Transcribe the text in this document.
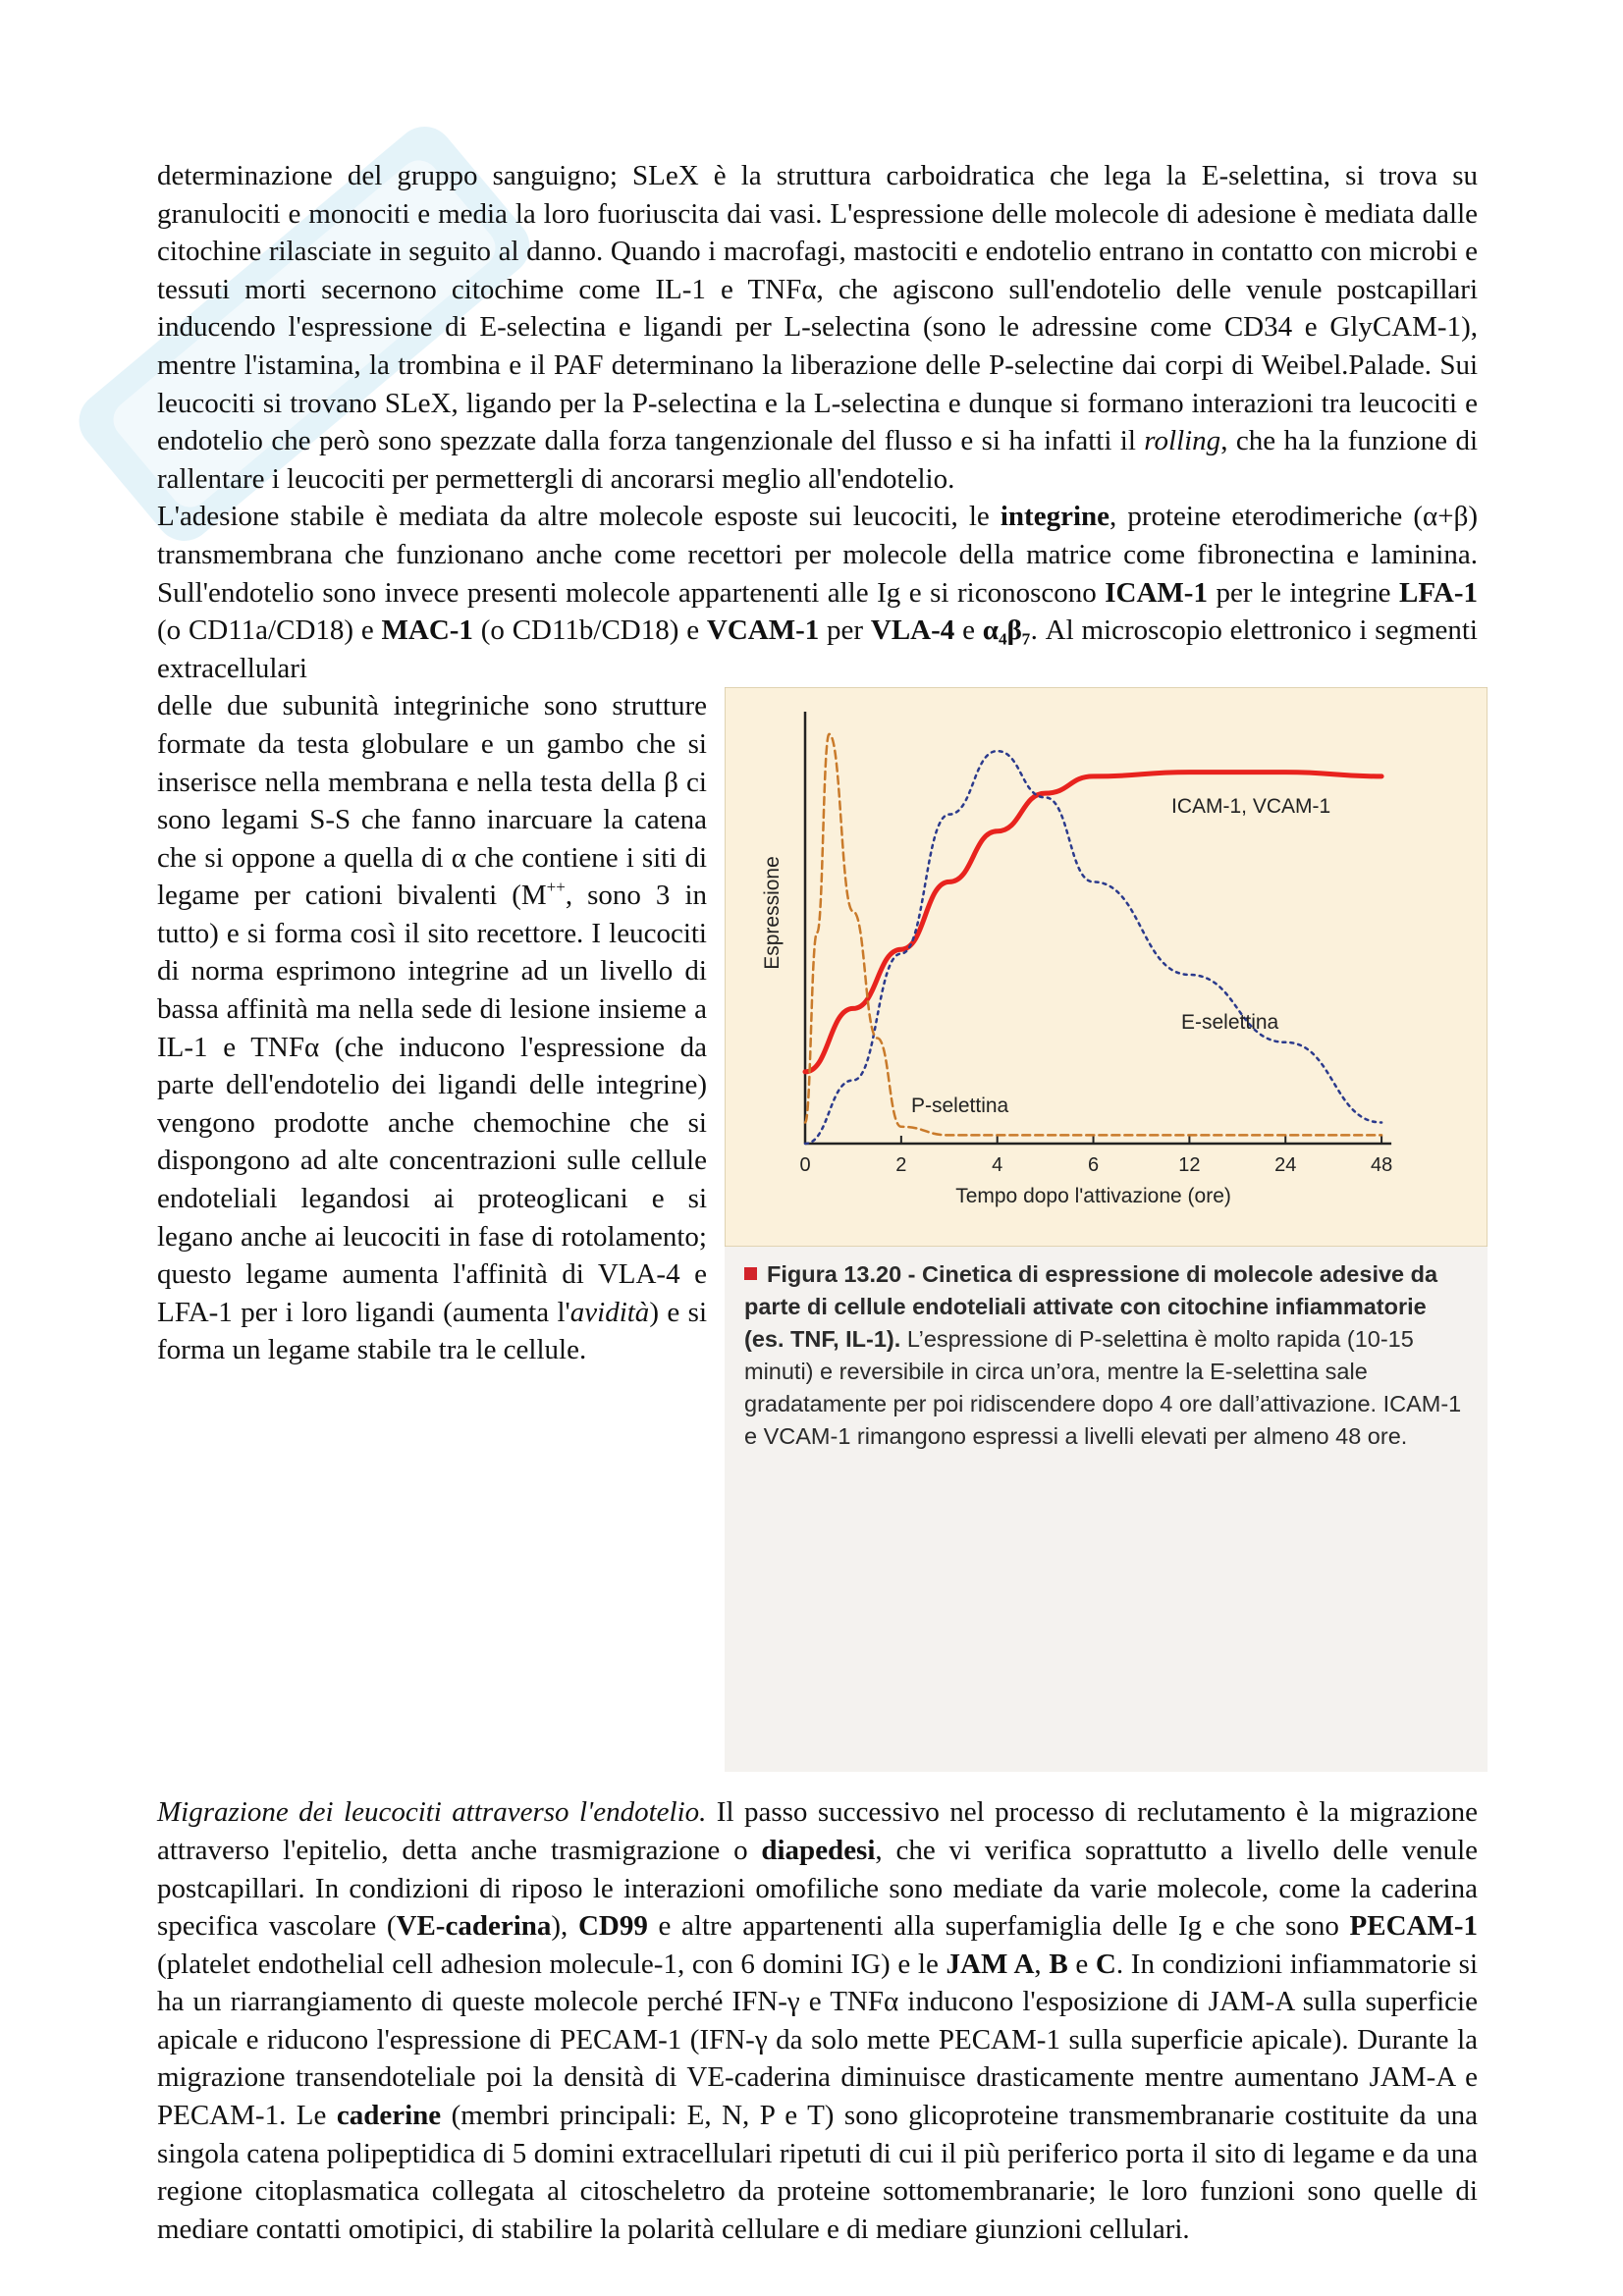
determinazione del gruppo sanguigno; SLeX è la struttura carboidratica che lega la E-selettina, si trova su granulociti e monociti e media la loro fuoriuscita dai vasi. L'espressione delle molecole di adesione è mediata dalle citochine rilasciate in seguito al danno. Quando i macrofagi, mastociti e endotelio entrano in contatto con microbi e tessuti morti secernono citochime come IL-1 e TNFα, che agiscono sull'endotelio delle venule postcapillari inducendo l'espressione di E-selectina e ligandi per L-selectina (sono le adressine come CD34 e GlyCAM-1), mentre l'istamina, la trombina e il PAF determinano la liberazione delle P-selectine dai corpi di Weibel.Palade. Sui leucociti si trovano SLeX, ligando per la P-selectina e la L-selectina e dunque si formano interazioni tra leucociti e endotelio che però sono spezzate dalla forza tangenzionale del flusso e si ha infatti il rolling, che ha la funzione di rallentare i leucociti per permettergli di ancorarsi meglio all'endotelio.

L'adesione stabile è mediata da altre molecole esposte sui leucociti, le integrine, proteine eterodimeriche (α+β) transmembrana che funzionano anche come recettori per molecole della matrice come fibronectina e laminina. Sull'endotelio sono invece presenti molecole appartenenti alle Ig e si riconoscono ICAM-1 per le integrine LFA-1 (o CD11a/CD18) e MAC-1 (o CD11b/CD18) e VCAM-1 per VLA-4 e α₄β₇. Al microscopio elettronico i segmenti extracellulari

0	2	4	6	12	24	48
Tempo dopo l'attivazione (ore)
Espressione
ICAM-1, VCAM-1
E-selettina
P-selettina
Figura 13.20 - Cinetica di espressione di molecole adesive da parte di cellule endoteliali attivate con citochine infiammatorie (es. TNF, IL-1). L’espressione di P-selettina è molto rapida (10-15 minuti) e reversibile in circa un’ora, mentre la E-selettina sale gradatamente per poi ridiscendere dopo 4 ore dall’attivazione. ICAM-1 e VCAM-1 rimangono espressi a livelli elevati per almeno 48 ore.

delle due subunità integriniche sono strutture formate da testa globulare e un gambo che si inserisce nella membrana e nella testa della β ci sono legami S-S che fanno inarcuare la catena che si oppone a quella di α che contiene i siti di legame per cationi bivalenti (M++, sono 3 in tutto) e si forma così il sito recettore. I leucociti di norma esprimono integrine ad un livello di bassa affinità ma nella sede di lesione insieme a IL-1 e TNFα (che inducono l'espressione da parte dell'endotelio dei ligandi delle integrine) vengono prodotte anche chemochine che si dispongono ad alte concentrazioni sulle cellule endoteliali legandosi ai proteoglicani e si legano anche ai leucociti in fase di rotolamento; questo legame aumenta l'affinità di VLA-4 e LFA-1 per i loro ligandi (aumenta l'avidità) e si forma un legame stabile tra le cellule.

Migrazione dei leucociti attraverso l'endotelio. Il passo successivo nel processo di reclutamento è la migrazione attraverso l'epitelio, detta anche trasmigrazione o diapedesi, che vi verifica soprattutto a livello delle venule postcapillari. In condizioni di riposo le interazioni omofiliche sono mediate da varie molecole, come la caderina specifica vascolare (VE-caderina), CD99 e altre appartenenti alla superfamiglia delle Ig e che sono PECAM-1 (platelet endothelial cell adhesion molecule-1, con 6 domini IG) e le JAM A, B e C. In condizioni infiammatorie si ha un riarrangiamento di queste molecole perché IFN-γ e TNFα inducono l'esposizione di JAM-A sulla superficie apicale e riducono l'espressione di PECAM-1 (IFN-γ da solo mette PECAM-1 sulla superficie apicale). Durante la migrazione transendoteliale poi la densità di VE-caderina diminuisce drasticamente mentre aumentano JAM-A e PECAM-1. Le caderine (membri principali: E, N, P e T) sono glicoproteine transmembranarie costituite da una singola catena polipeptidica di 5 domini extracellulari ripetuti di cui il più periferico porta il sito di legame e da una regione citoplasmatica collegata al citoscheletro da proteine sottomembranarie; le loro funzioni sono quelle di mediare contatti omotipici, di stabilire la polarità cellulare e di mediare giunzioni cellulari.
